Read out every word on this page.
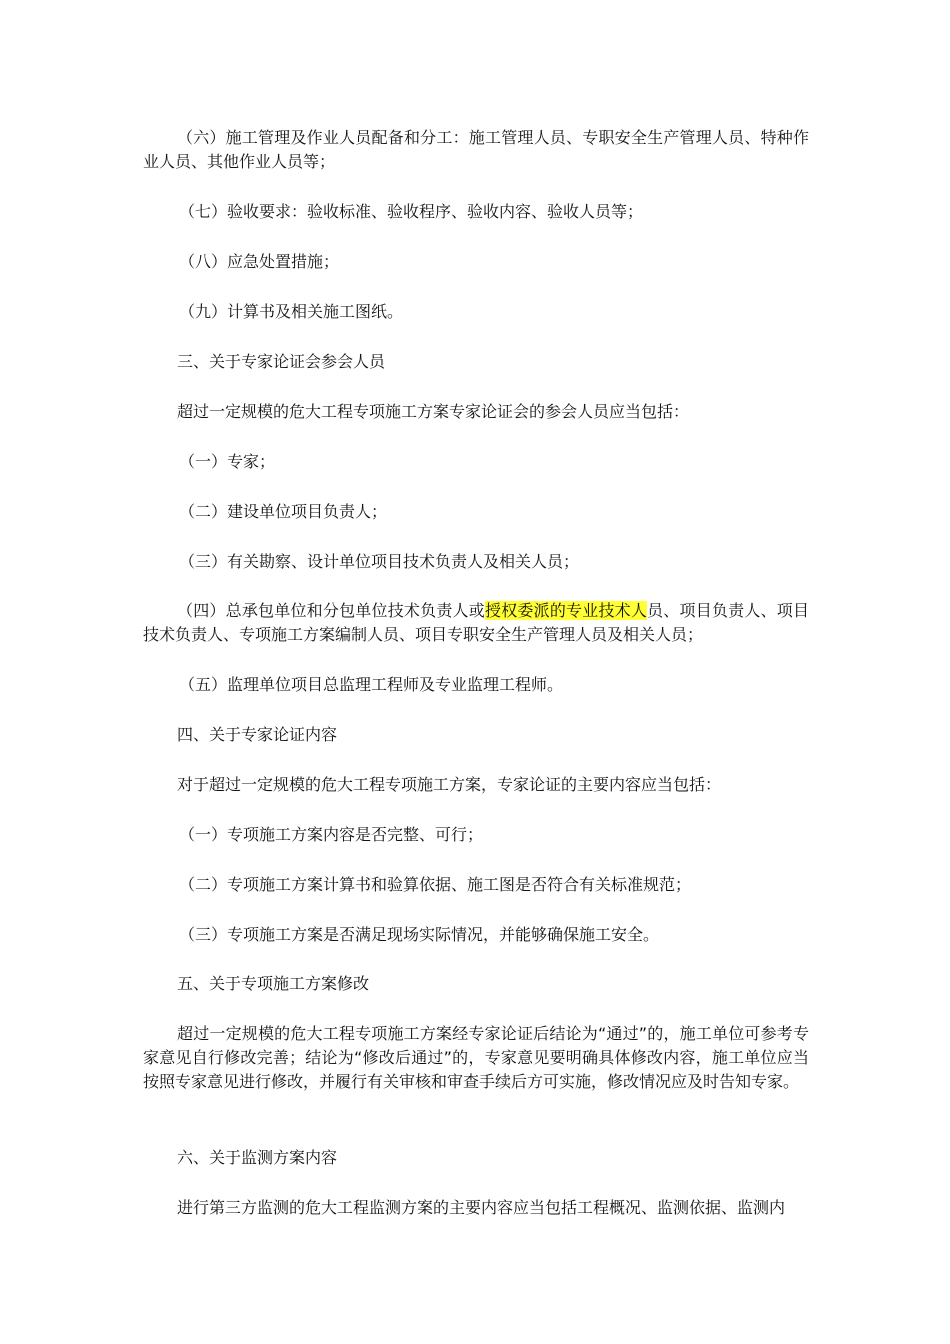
（六）施工管理及作业人员配备和分工：施工管理人员、专职安全生产管理人员、特种作业人员、其他作业人员等；
（七）验收要求：验收标准、验收程序、验收内容、验收人员等；
（八）应急处置措施；
（九）计算书及相关施工图纸。
三、关于专家论证会参会人员
超过一定规模的危大工程专项施工方案专家论证会的参会人员应当包括：
（一）专家；
（二）建设单位项目负责人；
（三）有关勘察、设计单位项目技术负责人及相关人员；
（四）总承包单位和分包单位技术负责人或授权委派的专业技术人员、项目负责人、项目技术负责人、专项施工方案编制人员、项目专职安全生产管理人员及相关人员；
（五）监理单位项目总监理工程师及专业监理工程师。
四、关于专家论证内容
对于超过一定规模的危大工程专项施工方案，专家论证的主要内容应当包括：
（一）专项施工方案内容是否完整、可行；
（二）专项施工方案计算书和验算依据、施工图是否符合有关标准规范；
（三）专项施工方案是否满足现场实际情况，并能够确保施工安全。
五、关于专项施工方案修改
超过一定规模的危大工程专项施工方案经专家论证后结论为“通过”的，施工单位可参考专家意见自行修改完善；结论为“修改后通过”的，专家意见要明确具体修改内容，施工单位应当按照专家意见进行修改，并履行有关审核和审查手续后方可实施，修改情况应及时告知专家。
六、关于监测方案内容
进行第三方监测的危大工程监测方案的主要内容应当包括工程概况、监测依据、监测内
